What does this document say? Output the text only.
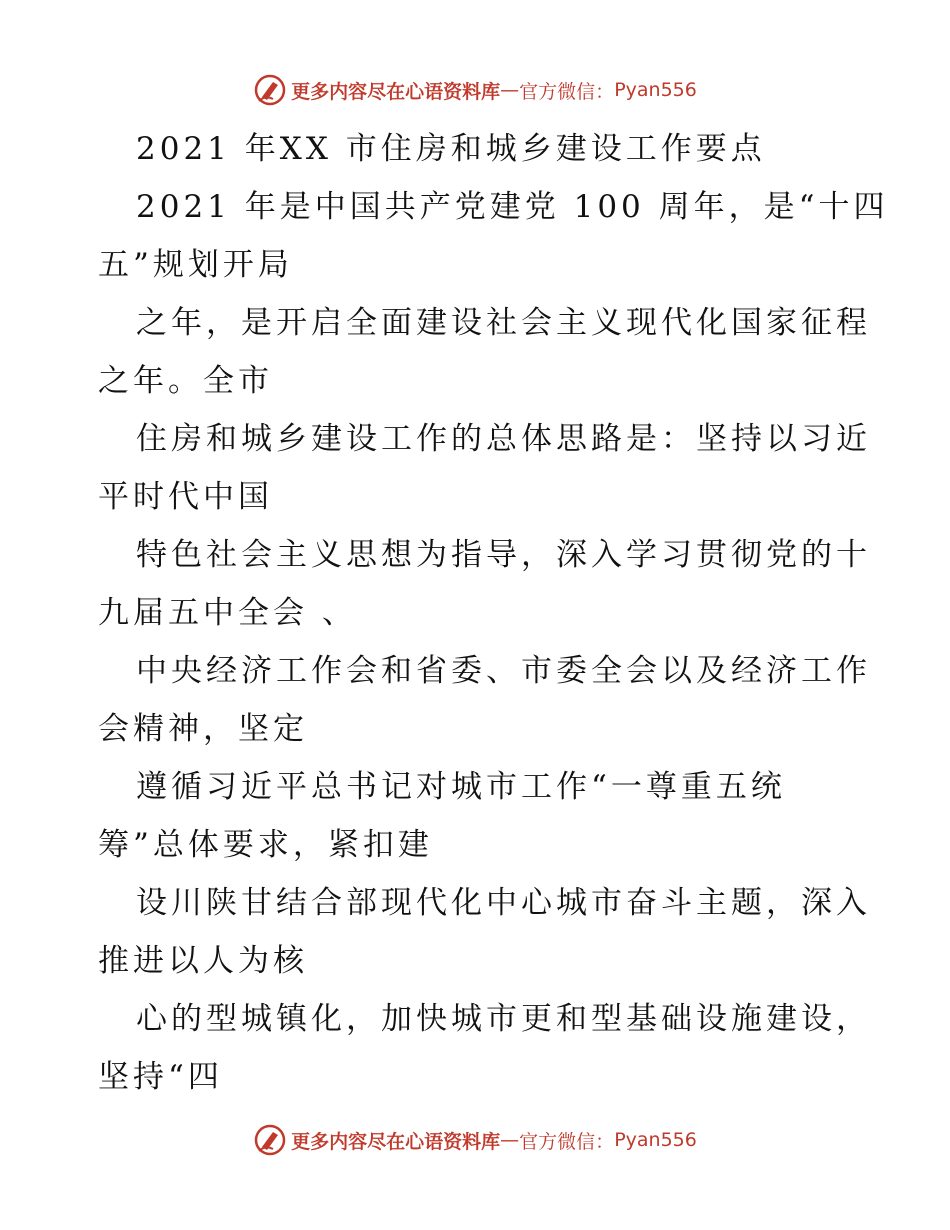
更多内容尽在心语资料库 — 官方微信： Pyan556
2021 年XX 市住房和城乡建设工作要点
2021 年是中国共产党建党 100 周年，是“十四
五”规划开局
之年，是开启全面建设社会主义现代化国家征程
之年。全市
住房和城乡建设工作的总体思路是：坚持以习近
平时代中国
特色社会主义思想为指导，深入学习贯彻党的十
九届五中全会 、
中央经济工作会和省委、市委全会以及经济工作
会精神，坚定
遵循习近平总书记对城市工作“一尊重五统
筹”总体要求，紧扣建
设川陕甘结合部现代化中心城市奋斗主题，深入
推进以人为核
心的型城镇化，加快城市更和型基础设施建设，
坚持“四
更多内容尽在心语资料库 — 官方微信： Pyan556
